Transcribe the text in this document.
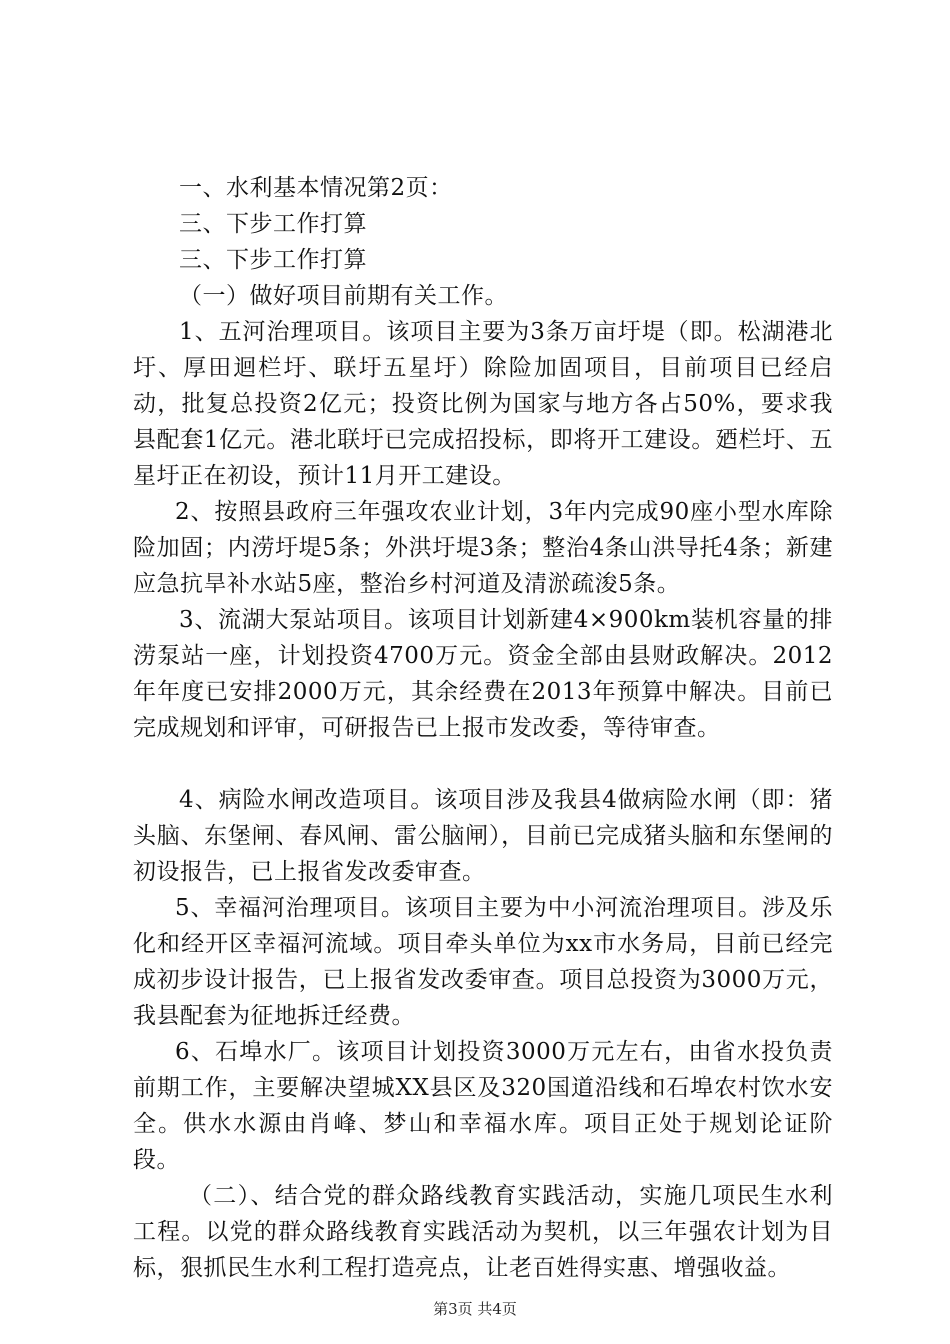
一、水利基本情况第2页：

三、下步工作打算

三、下步工作打算

（一）做好项目前期有关工作。

1、五河治理项目。该项目主要为3条万亩圩堤（即。松湖港北圩、厚田迴栏圩、联圩五星圩）除险加固项目，目前项目已经启动，批复总投资2亿元；投资比例为国家与地方各占50%，要求我县配套1亿元。港北联圩已完成招投标，即将开工建设。廼栏圩、五星圩正在初设，预计11月开工建设。

2、按照县政府三年强攻农业计划，3年内完成90座小型水库除险加固；内涝圩堤5条；外洪圩堤3条；整治4条山洪导托4条；新建应急抗旱补水站5座，整治乡村河道及清淤疏浚5条。

3、流湖大泵站项目。该项目计划新建4×900km装机容量的排涝泵站一座，计划投资4700万元。资金全部由县财政解决。2012年年度已安排2000万元，其余经费在2013年预算中解决。目前已完成规划和评审，可研报告已上报市发改委，等待审查。

4、病险水闸改造项目。该项目涉及我县4做病险水闸（即：猪头脑、东堡闸、春风闸、雷公脑闸），目前已完成猪头脑和东堡闸的初设报告，已上报省发改委审查。

5、幸福河治理项目。该项目主要为中小河流治理项目。涉及乐化和经开区幸福河流域。项目牵头单位为xx市水务局，目前已经完成初步设计报告，已上报省发改委审查。项目总投资为3000万元，我县配套为征地拆迁经费。

6、石埠水厂。该项目计划投资3000万元左右，由省水投负责前期工作，主要解决望城XX县区及320国道沿线和石埠农村饮水安全。供水水源由肖峰、梦山和幸福水库。项目正处于规划论证阶段。

（二）、结合党的群众路线教育实践活动，实施几项民生水利工程。以党的群众路线教育实践活动为契机，以三年强农计划为目标，狠抓民生水利工程打造亮点，让老百姓得实惠、增强收益。

第3页 共4页
